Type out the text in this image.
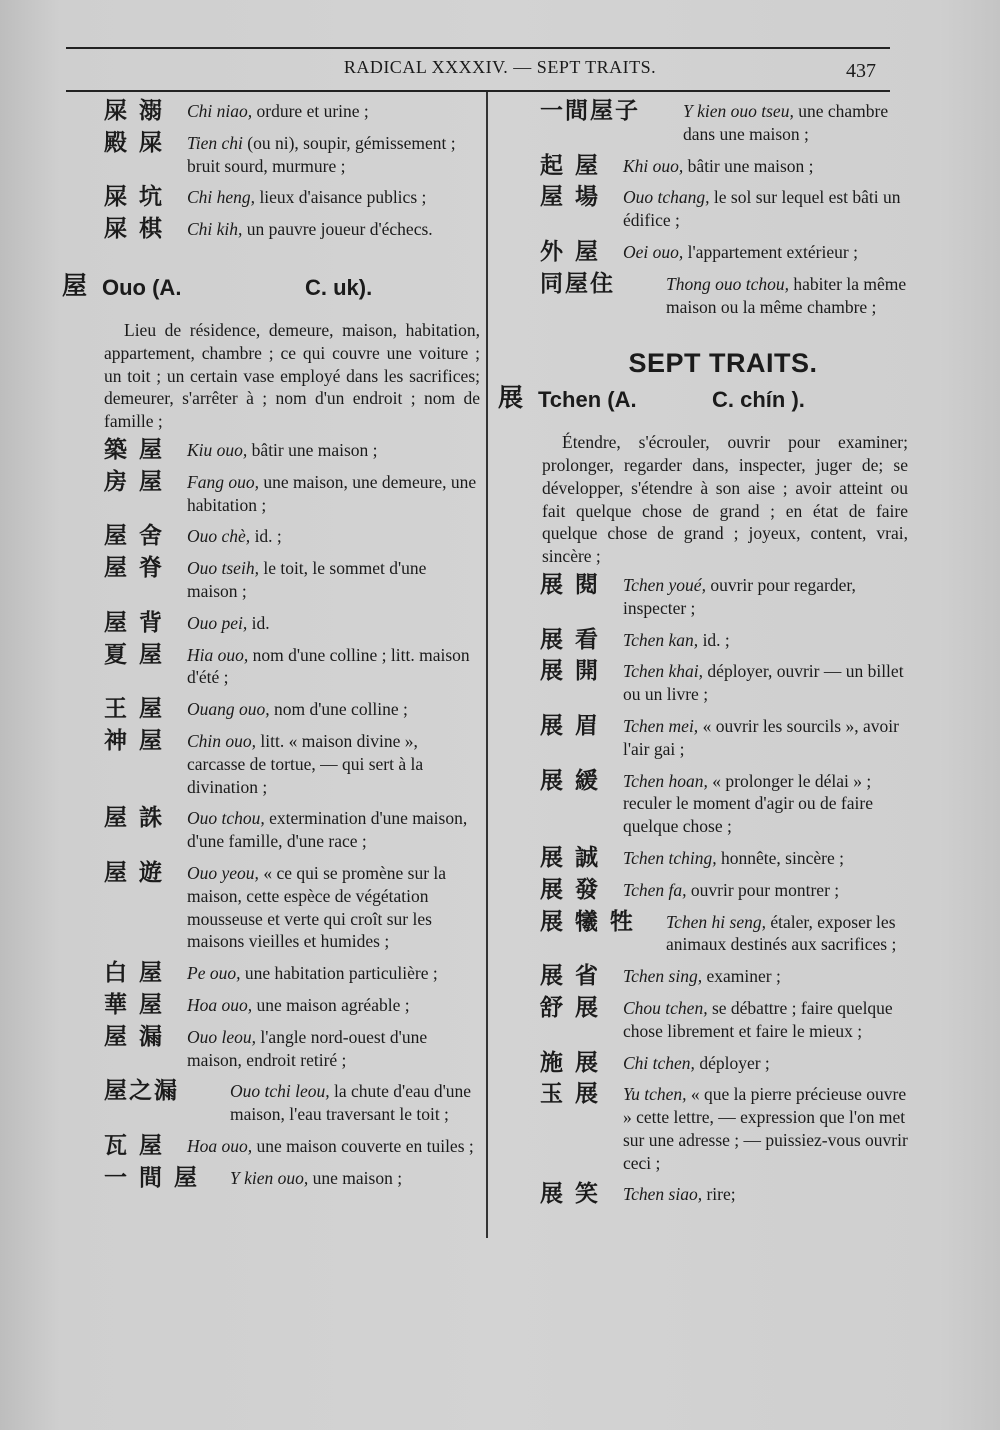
RADICAL XXXXIV. — SEPT TRAITS.	437
屎 溺	Chi niao, ordure et urine ;
殿 屎	Tien chi (ou ni), soupir, gémissement ; bruit sourd, murmure ;
屎 坑	Chi heng, lieux d'aisance publics ;
屎 棋	Chi kih, un pauvre joueur d'échecs.
屋 Ouo (A.	C. uk).
Lieu de résidence, demeure, maison, habitation, appartement, chambre ; ce qui couvre une voiture ; un toit ; un certain vase employé dans les sacrifices; demeurer, s'arrêter à ; nom d'un endroit ; nom de famille ;
築 屋	Kiu ouo, bâtir une maison ;
房 屋	Fang ouo, une maison, une demeure, une habitation ;
屋 舍	Ouo chè, id. ;
屋 脊	Ouo tseih, le toit, le sommet d'une maison ;
屋 背	Ouo pei, id.
夏 屋	Hia ouo, nom d'une colline ; litt. maison d'été ;
王 屋	Ouang ouo, nom d'une colline ;
神 屋	Chin ouo, litt. « maison divine », carcasse de tortue, — qui sert à la divination ;
屋 誅	Ouo tchou, extermination d'une maison, d'une famille, d'une race ;
屋 遊	Ouo yeou, « ce qui se promène sur la maison, cette espèce de végétation mousseuse et verte qui croît sur les maisons vieilles et humides ;
白 屋	Pe ouo, une habitation particulière ;
華 屋	Hoa ouo, une maison agréable ;
屋 漏	Ouo leou, l'angle nord-ouest d'une maison, endroit retiré ;
屋之漏	Ouo tchi leou, la chute d'eau d'une maison, l'eau traversant le toit ;
瓦 屋	Hoa ouo, une maison couverte en tuiles ;
一 間 屋	Y kien ouo, une maison ;
一間屋子	Y kien ouo tseu, une chambre dans une maison ;
起 屋	Khi ouo, bâtir une maison ;
屋 場	Ouo tchang, le sol sur lequel est bâti un édifice ;
外 屋	Oei ouo, l'appartement extérieur ;
同屋住	Thong ouo tchou, habiter la même maison ou la même chambre ;
SEPT TRAITS.
展 Tchen (A.	C. chín ).
Étendre, s'écrouler, ouvrir pour examiner; prolonger, regarder dans, inspecter, juger de; se développer, s'étendre à son aise ; avoir atteint ou fait quelque chose de grand ; en état de faire quelque chose de grand ; joyeux, content, vrai, sincère ;
展 閱	Tchen youé, ouvrir pour regarder, inspecter ;
展 看	Tchen kan, id. ;
展 開	Tchen khai, déployer, ouvrir — un billet ou un livre ;
展 眉	Tchen mei, « ouvrir les sourcils », avoir l'air gai ;
展 緩	Tchen hoan, « prolonger le délai » ; reculer le moment d'agir ou de faire quelque chose ;
展 誠	Tchen tching, honnête, sincère ;
展 發	Tchen fa, ouvrir pour montrer ;
展 犧 牲	Tchen hi seng, étaler, exposer les animaux destinés aux sacrifices ;
展 省	Tchen sing, examiner ;
舒 展	Chou tchen, se débattre ; faire quelque chose librement et faire le mieux ;
施 展	Chi tchen, déployer ;
玉 展	Yu tchen, « que la pierre précieuse ouvre » cette lettre, — expression que l'on met sur une adresse ; — puissiez-vous ouvrir ceci ;
展 笑	Tchen siao, rire;
